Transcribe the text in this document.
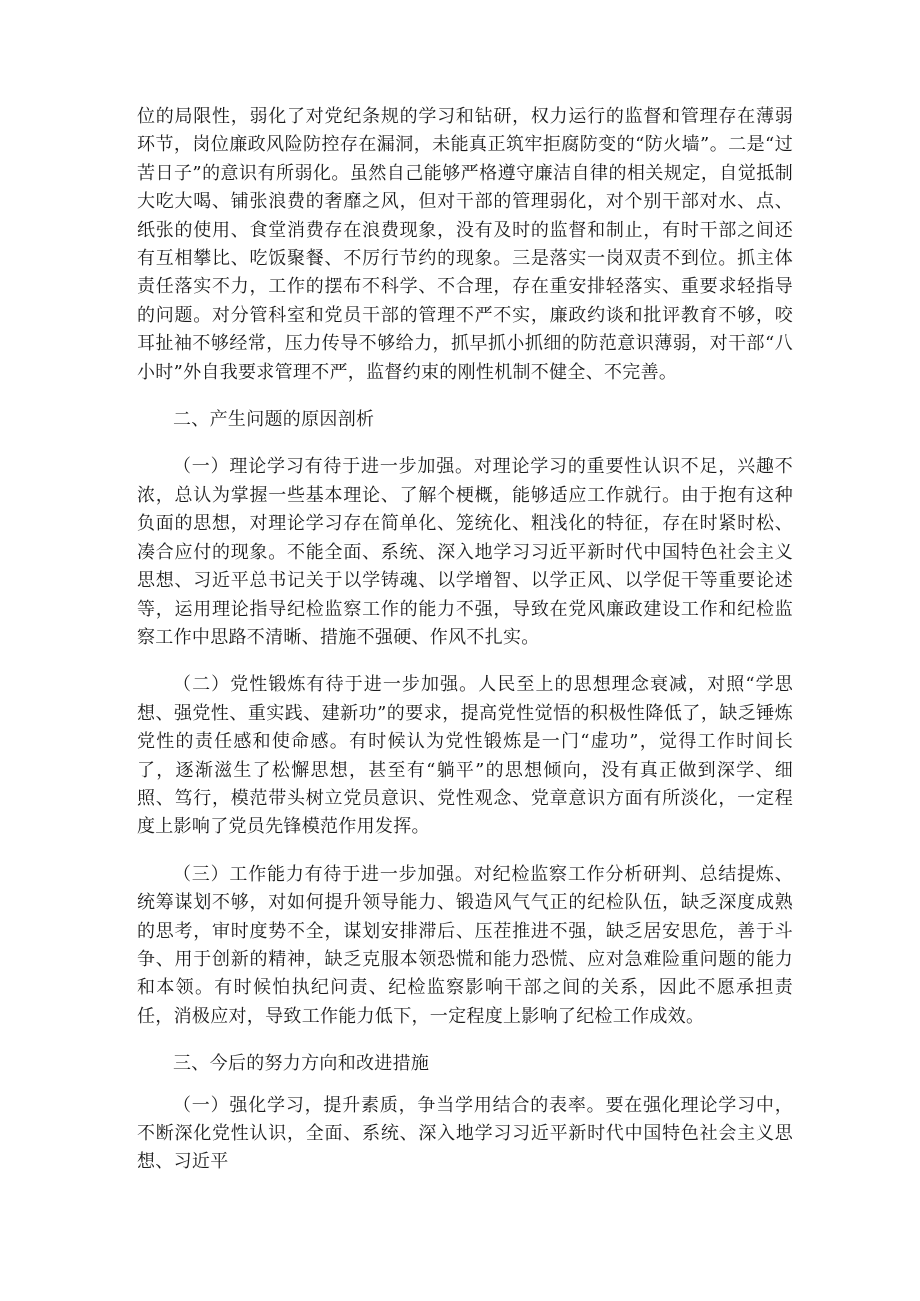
位的局限性，弱化了对党纪条规的学习和钻研，权力运行的监督和管理存在薄弱环节，岗位廉政风险防控存在漏洞，未能真正筑牢拒腐防变的“防火墙”。二是“过苦日子”的意识有所弱化。虽然自己能够严格遵守廉洁自律的相关规定，自觉抵制大吃大喝、铺张浪费的奢靡之风，但对干部的管理弱化，对个别干部对水、点、纸张的使用、食堂消费存在浪费现象，没有及时的监督和制止，有时干部之间还有互相攀比、吃饭聚餐、不厉行节约的现象。三是落实一岗双责不到位。抓主体责任落实不力，工作的摆布不科学、不合理，存在重安排轻落实、重要求轻指导的问题。对分管科室和党员干部的管理不严不实，廉政约谈和批评教育不够，咬耳扯袖不够经常，压力传导不够给力，抓早抓小抓细的防范意识薄弱，对干部“八小时”外自我要求管理不严，监督约束的刚性机制不健全、不完善。

二、产生问题的原因剖析

（一）理论学习有待于进一步加强。对理论学习的重要性认识不足，兴趣不浓，总认为掌握一些基本理论、了解个梗概，能够适应工作就行。由于抱有这种负面的思想，对理论学习存在简单化、笼统化、粗浅化的特征，存在时紧时松、凑合应付的现象。不能全面、系统、深入地学习习近平新时代中国特色社会主义思想、习近平总书记关于以学铸魂、以学增智、以学正风、以学促干等重要论述等，运用理论指导纪检监察工作的能力不强，导致在党风廉政建设工作和纪检监察工作中思路不清晰、措施不强硬、作风不扎实。

（二）党性锻炼有待于进一步加强。人民至上的思想理念衰减，对照“学思想、强党性、重实践、建新功”的要求，提高党性觉悟的积极性降低了，缺乏锤炼党性的责任感和使命感。有时候认为党性锻炼是一门“虚功”，觉得工作时间长了，逐渐滋生了松懈思想，甚至有“躺平”的思想倾向，没有真正做到深学、细照、笃行，模范带头树立党员意识、党性观念、党章意识方面有所淡化，一定程度上影响了党员先锋模范作用发挥。

（三）工作能力有待于进一步加强。对纪检监察工作分析研判、总结提炼、统筹谋划不够，对如何提升领导能力、锻造风气气正的纪检队伍，缺乏深度成熟的思考，审时度势不全，谋划安排滞后、压茬推进不强，缺乏居安思危，善于斗争、用于创新的精神，缺乏克服本领恐慌和能力恐慌、应对急难险重问题的能力和本领。有时候怕执纪问责、纪检监察影响干部之间的关系，因此不愿承担责任，消极应对，导致工作能力低下，一定程度上影响了纪检工作成效。

三、今后的努力方向和改进措施

（一）强化学习，提升素质，争当学用结合的表率。要在强化理论学习中，不断深化党性认识，全面、系统、深入地学习习近平新时代中国特色社会主义思想、习近平
